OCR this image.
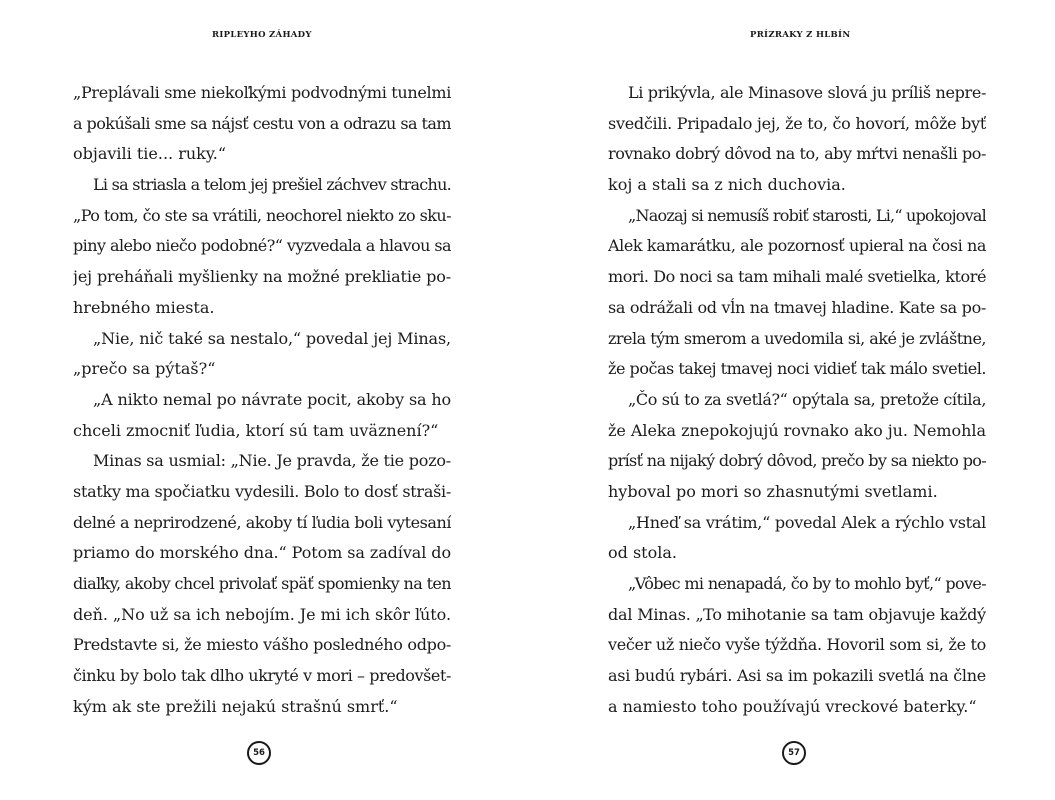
RIPLEYHO ZÁHADY
„Preplávali sme niekoľkými podvodnými tunelmi
a pokúšali sme sa nájsť cestu von a odrazu sa tam
objavili tie... ruky.“
Li sa striasla a telom jej prešiel záchvev strachu.
„Po tom, čo ste sa vrátili, neochorel niekto zo sku-
piny alebo niečo podobné?“ vyzvedala a hlavou sa
jej preháňali myšlienky na možné prekliatie po-
hrebného miesta.
„Nie, nič také sa nestalo,“ povedal jej Minas,
„prečo sa pýtaš?“
„A nikto nemal po návrate pocit, akoby sa ho
chceli zmocniť ľudia, ktorí sú tam uväznení?“
Minas sa usmial: „Nie. Je pravda, že tie pozo-
statky ma spočiatku vydesili. Bolo to dosť straši-
delné a neprirodzené, akoby tí ľudia boli vytesaní
priamo do morského dna.“ Potom sa zadíval do
diaľky, akoby chcel privolať späť spomienky na ten
deň. „No už sa ich nebojím. Je mi ich skôr ľúto.
Predstavte si, že miesto vášho posledného odpo-
činku by bolo tak dlho ukryté v mori – predovšet-
kým ak ste prežili nejakú strašnú smrť.“
56
PRÍZRAKY Z HLBÍN
Li prikývla, ale Minasove slová ju príliš nepre-
svedčili. Pripadalo jej, že to, čo hovorí, môže byť
rovnako dobrý dôvod na to, aby mŕtvi nenašli po-
koj a stali sa z nich duchovia.
„Naozaj si nemusíš robiť starosti, Li,“ upokojoval
Alek kamarátku, ale pozornosť upieral na čosi na
mori. Do noci sa tam mihali malé svetielka, ktoré
sa odrážali od vĺn na tmavej hladine. Kate sa po-
zrela tým smerom a uvedomila si, aké je zvláštne,
že počas takej tmavej noci vidieť tak málo svetiel.
„Čo sú to za svetlá?“ opýtala sa, pretože cítila,
že Aleka znepokojujú rovnako ako ju. Nemohla
prísť na nijaký dobrý dôvod, prečo by sa niekto po-
hyboval po mori so zhasnutými svetlami.
„Hneď sa vrátim,“ povedal Alek a rýchlo vstal
od stola.
„Vôbec mi nenapadá, čo by to mohlo byť,“ pove-
dal Minas. „To mihotanie sa tam objavuje každý
večer už niečo vyše týždňa. Hovoril som si, že to
asi budú rybári. Asi sa im pokazili svetlá na člne
a namiesto toho používajú vreckové baterky.“
57
